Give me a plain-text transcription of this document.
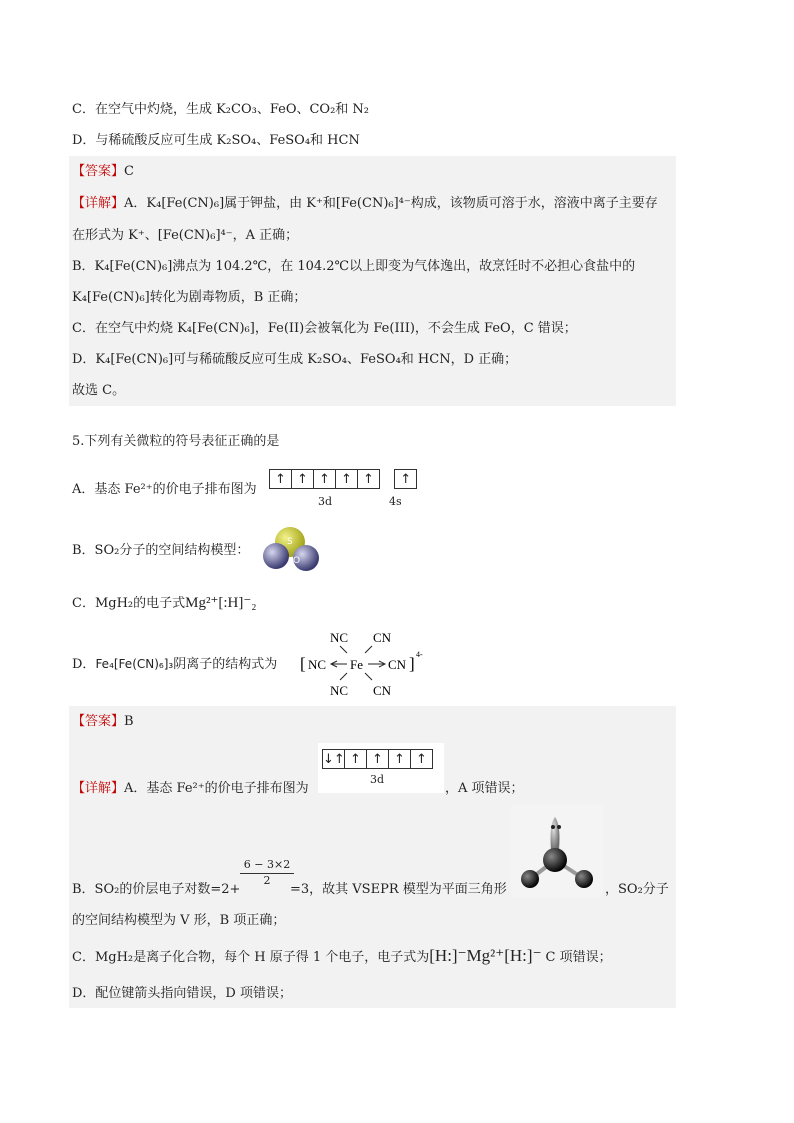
C．在空气中灼烧，生成 K₂CO₃、FeO、CO₂和 N₂
D．与稀硫酸反应可生成 K₂SO₄、FeSO₄和 HCN
【答案】C
【详解】A．K₄[Fe(CN)₆]属于钾盐，由 K⁺和[Fe(CN)₆]⁴⁻构成，该物质可溶于水，溶液中离子主要存
在形式为 K⁺、[Fe(CN)₆]⁴⁻，A 正确；
B．K₄[Fe(CN)₆]沸点为 104.2℃，在 104.2℃以上即变为气体逸出，故烹饪时不必担心食盐中的
K₄[Fe(CN)₆]转化为剧毒物质，B 正确；
C．在空气中灼烧 K₄[Fe(CN)₆]，Fe(II)会被氧化为 Fe(III)，不会生成 FeO，C 错误；
D．K₄[Fe(CN)₆]可与稀硫酸反应可生成 K₂SO₄、FeSO₄和 HCN，D 正确；
故选 C。
5.下列有关微粒的符号表征正确的是
A．基态 Fe²⁺的价电子排布图为
↑ ↑ ↑ ↑ ↑
	↑
3d	4s
B．SO₂分子的空间结构模型：
S
O
C．MgH₂的电子式Mg²⁺[:H]⁻₂
D．Fe₄[Fe(CN)₆]₃阴离子的结构式为
NC CN
[ NC Fe CN ] 4-
NC CN
【答案】B
【详解】A．基态 Fe²⁺的价电子排布图为
↓↑ ↑ ↑ ↑ ↑
3d
，A 项错误；
B．SO₂的价层电子对数=2+
$\frac{6 - 3\times 2}{2}$
=3，故其 VSEPR 模型为平面三角形	，SO₂分子
的空间结构模型为 V 形，B 项正确；
C．MgH₂是离子化合物，每个 H 原子得 1 个电子，电子式为[H:]⁻Mg²⁺[H:]⁻ C 项错误；
D．配位键箭头指向错误，D 项错误；
